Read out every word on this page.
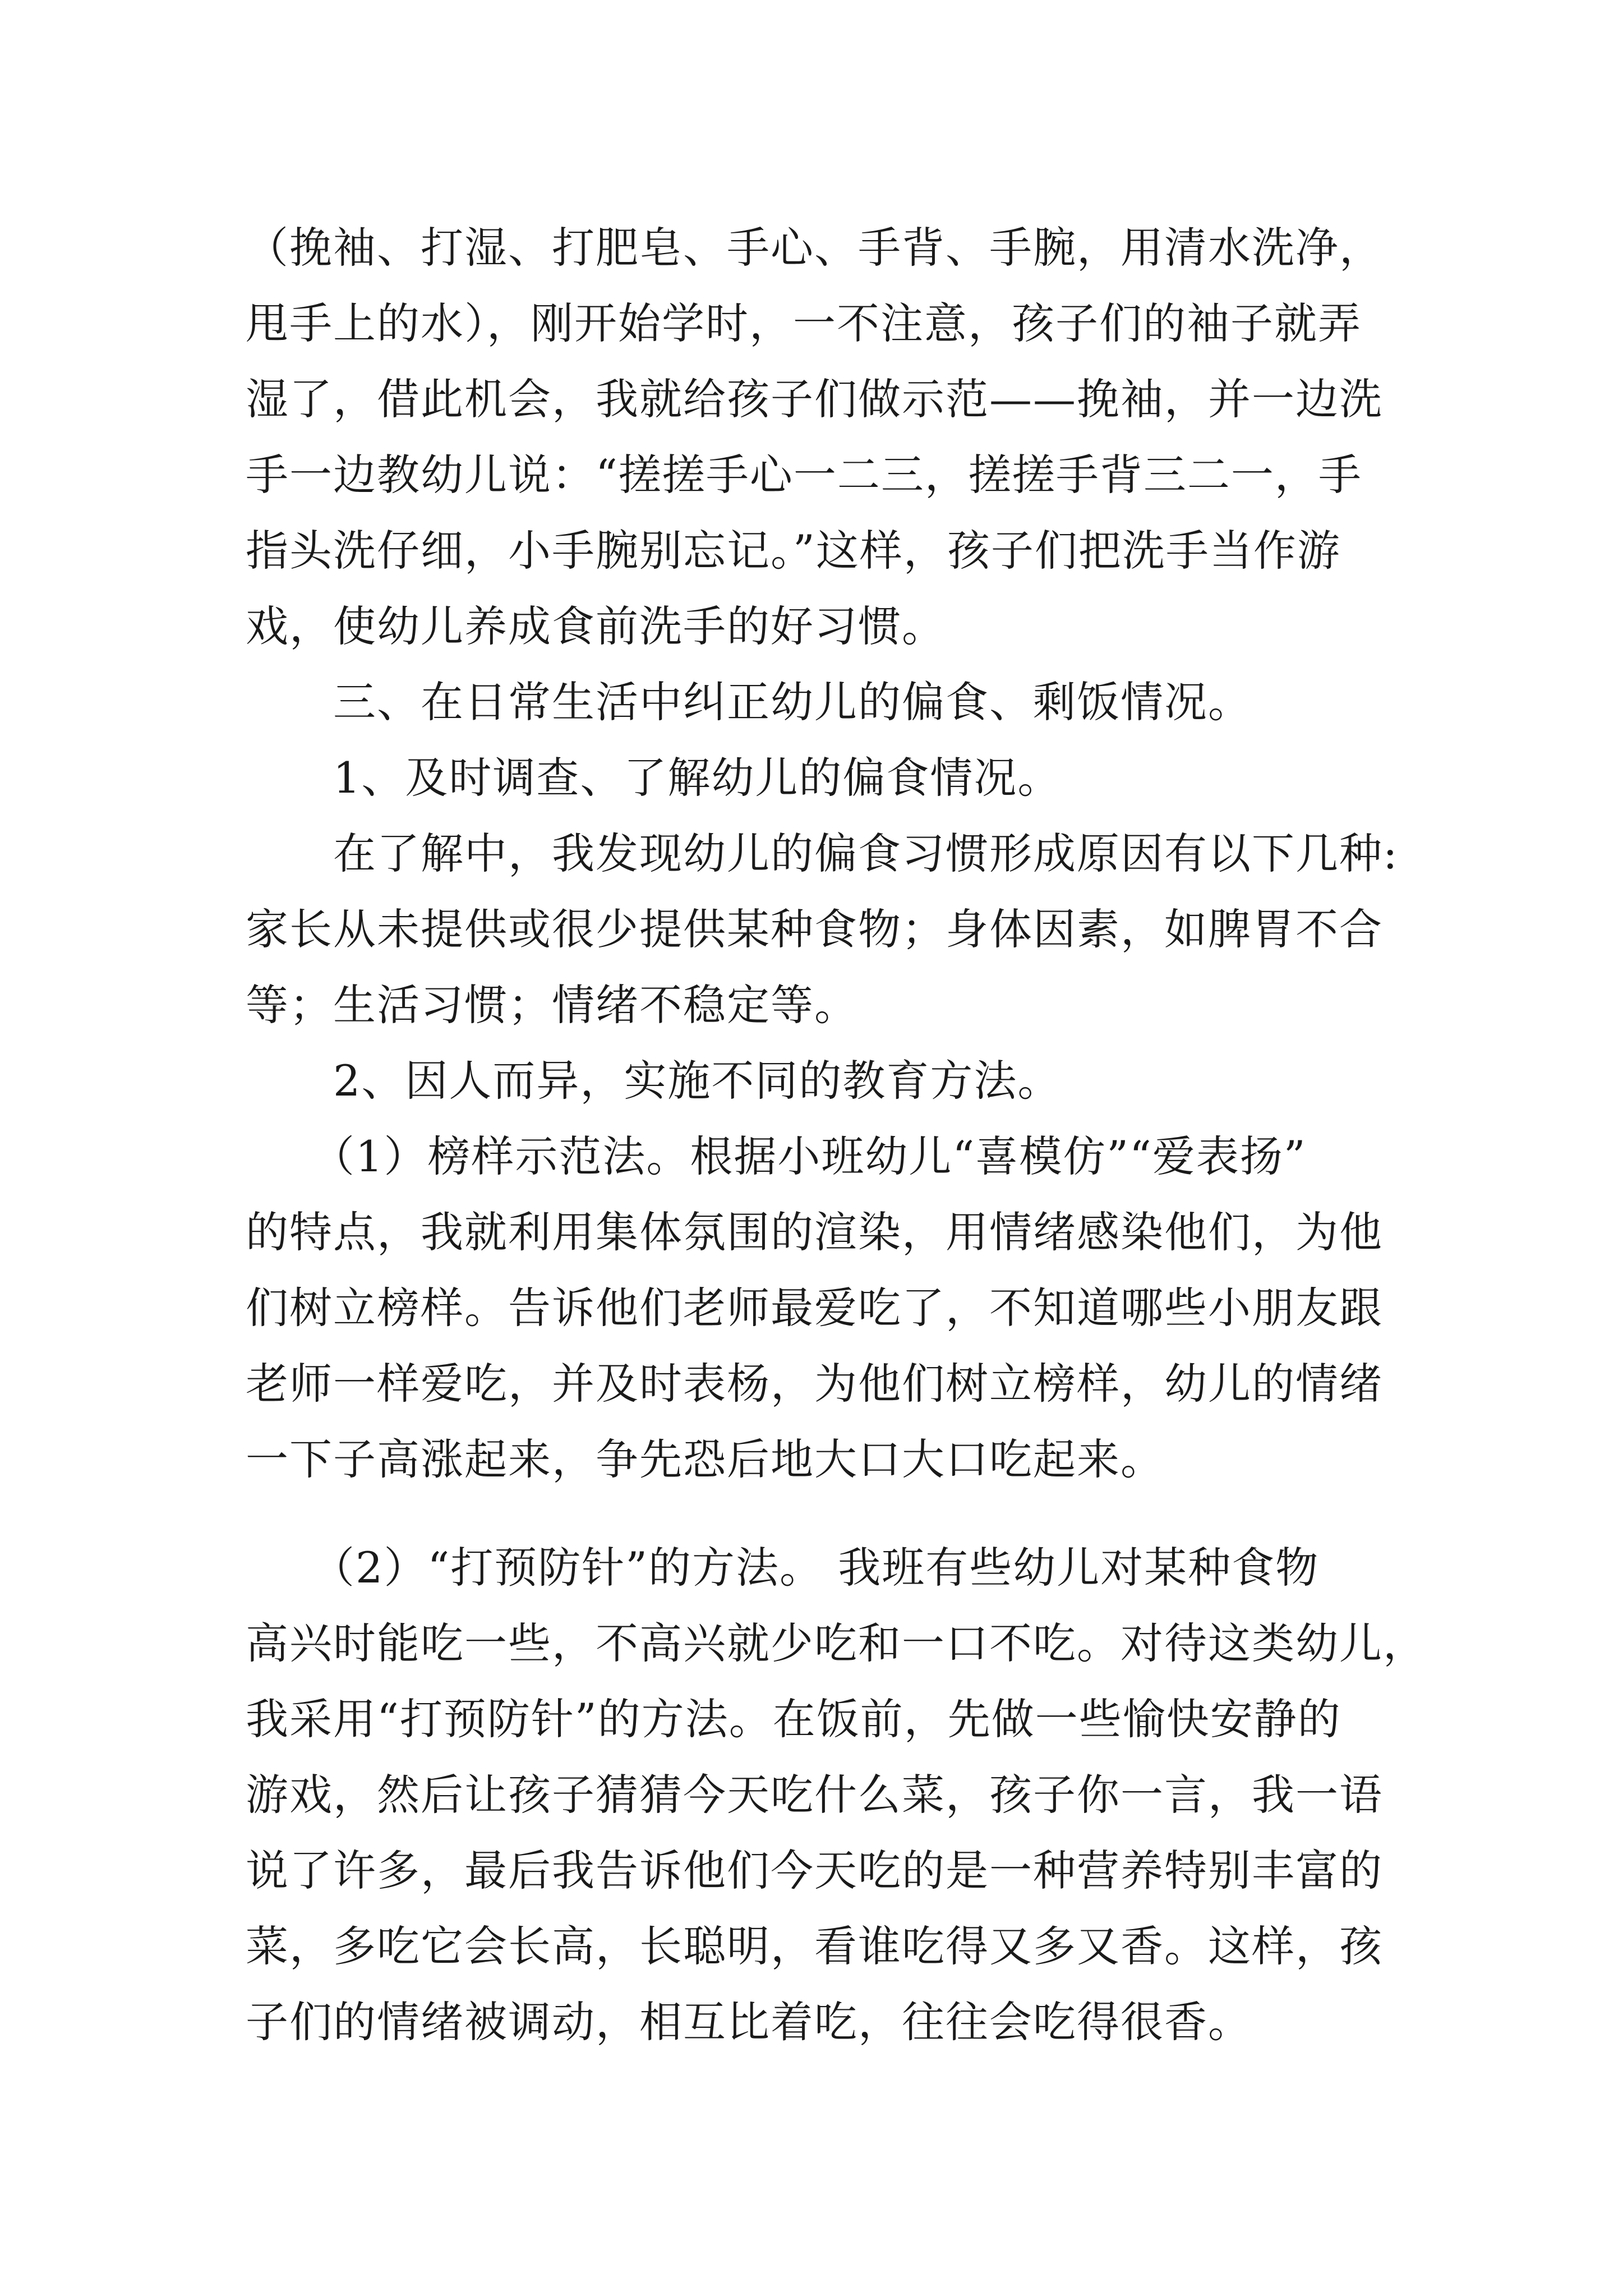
（挽袖、打湿、打肥皂、手心、手背、手腕，用清水洗净，
甩手上的水），刚开始学时，一不注意，孩子们的袖子就弄
湿了，借此机会，我就给孩子们做示范——挽袖，并一边洗
手一边教幼儿说：“搓搓手心一二三，搓搓手背三二一，手
指头洗仔细，小手腕别忘记。”这样，孩子们把洗手当作游
戏，使幼儿养成食前洗手的好习惯。
　　三、在日常生活中纠正幼儿的偏食、剩饭情况。
　　1、及时调查、了解幼儿的偏食情况。
　　在了解中，我发现幼儿的偏食习惯形成原因有以下几种:
家长从未提供或很少提供某种食物；身体因素，如脾胃不合
等；生活习惯；情绪不稳定等。
　　2、因人而异，实施不同的教育方法。
　　（1）榜样示范法。根据小班幼儿“喜模仿”“爱表扬”
的特点，我就利用集体氛围的渲染，用情绪感染他们，为他
们树立榜样。告诉他们老师最爱吃了，不知道哪些小朋友跟
老师一样爱吃，并及时表杨，为他们树立榜样，幼儿的情绪
一下子高涨起来，争先恐后地大口大口吃起来。
　　（2）“打预防针”的方法。 我班有些幼儿对某种食物
高兴时能吃一些，不高兴就少吃和一口不吃。对待这类幼儿，
我采用“打预防针”的方法。在饭前，先做一些愉快安静的
游戏，然后让孩子猜猜今天吃什么菜，孩子你一言，我一语
说了许多，最后我告诉他们今天吃的是一种营养特别丰富的
菜，多吃它会长高，长聪明，看谁吃得又多又香。这样，孩
子们的情绪被调动，相互比着吃，往往会吃得很香。
